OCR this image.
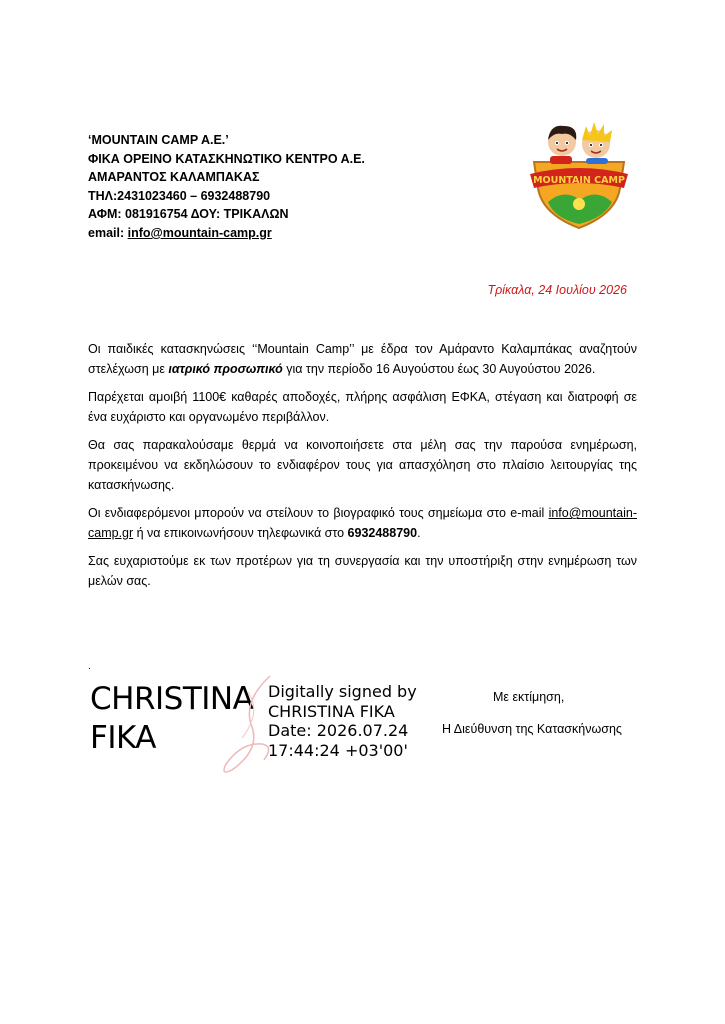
‘MOUNTAIN CAMP A.E.’
ΦΙΚΑ ΟΡΕΙΝΟ ΚΑΤΑΣΚΗΝΩΤΙΚΟ ΚΕΝΤΡΟ Α.Ε.
ΑΜΑΡΑΝΤΟΣ ΚΑΛΑΜΠΑΚΑΣ
ΤΗΛ:2431023460 – 6932488790
ΑΦΜ: 081916754 ΔΟΥ: ΤΡΙΚΑΛΩΝ
email: info@mountain-camp.gr
MOUNTAIN CAMP
Τρίκαλα, 24 Ιουλίου 2026

Οι παιδικές κατασκηνώσεις ‘‘Mountain Camp’’ με έδρα τον Αμάραντο Καλαμπάκας αναζητούν στελέχωση με ιατρικό προσωπικό για την περίοδο 16 Αυγούστου έως 30 Αυγούστου 2026.

Παρέχεται αμοιβή 1100€ καθαρές αποδοχές, πλήρης ασφάλιση ΕΦΚΑ, στέγαση και διατροφή σε ένα ευχάριστο και οργανωμένο περιβάλλον.

Θα σας παρακαλούσαμε θερμά να κοινοποιήσετε στα μέλη σας την παρούσα ενημέρωση, προκειμένου να εκδηλώσουν το ενδιαφέρον τους για απασχόληση στο πλαίσιο λειτουργίας της κατασκήνωσης.

Οι ενδιαφερόμενοι μπορούν να στείλουν το βιογραφικό τους σημείωμα στο e-mail info@mountain-camp.gr ή να επικοινωνήσουν τηλεφωνικά στο 6932488790.

Σας ευχαριστούμε εκ των προτέρων για τη συνεργασία και την υποστήριξη στην ενημέρωση των μελών σας.

.
CHRISTINA
FIKA
Digitally signed by
CHRISTINA FIKA
Date: 2026.07.24
17:44:24 +03'00'
Με εκτίμηση,
Η Διεύθυνση της Κατασκήνωσης
